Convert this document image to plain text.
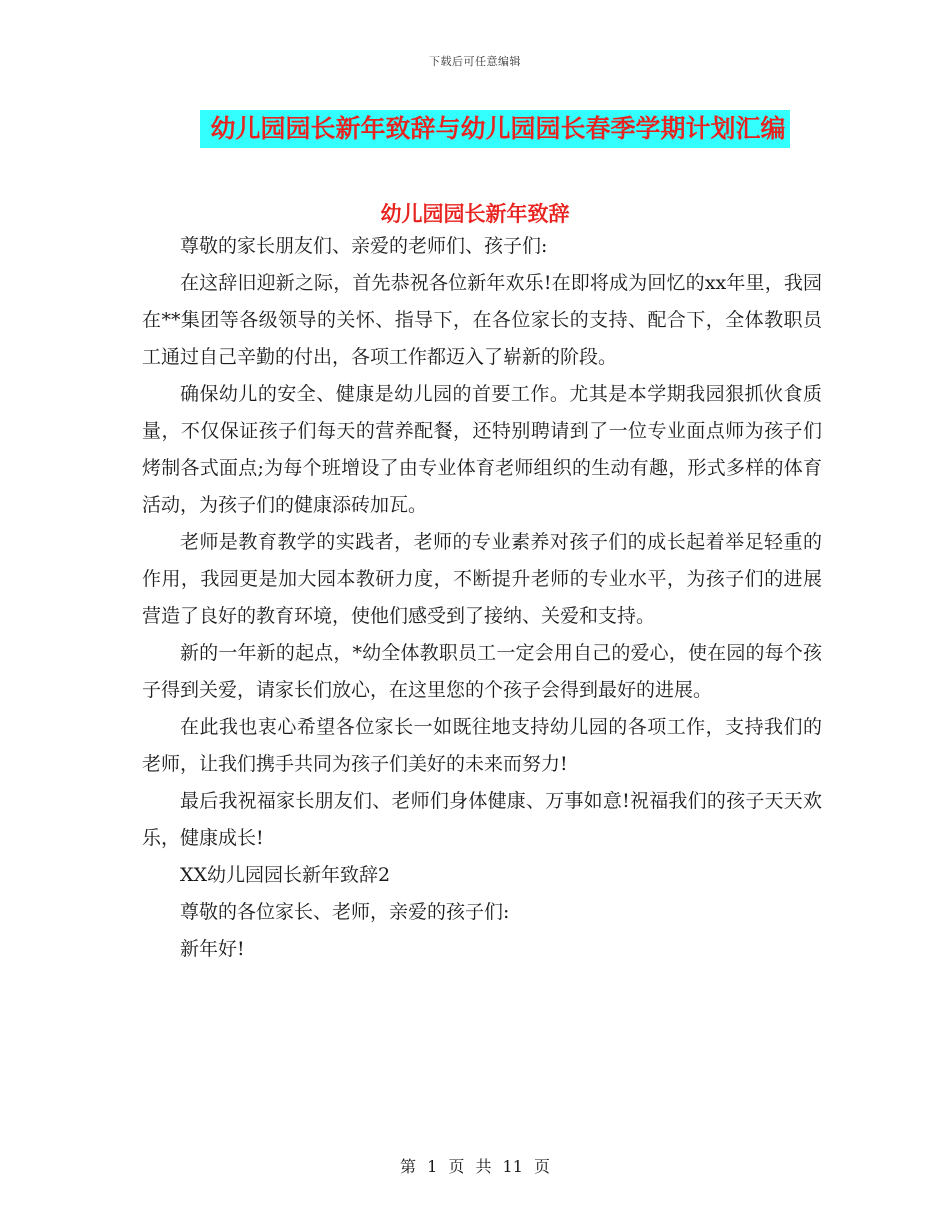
下载后可任意编辑
幼儿园园长新年致辞与幼儿园园长春季学期计划汇编
幼儿园园长新年致辞

尊敬的家长朋友们、亲爱的老师们、孩子们:

在这辞旧迎新之际，首先恭祝各位新年欢乐!在即将成为回忆的xx年里，我园在**集团等各级领导的关怀、指导下，在各位家长的支持、配合下，全体教职员工通过自己辛勤的付出，各项工作都迈入了崭新的阶段。

确保幼儿的安全、健康是幼儿园的首要工作。尤其是本学期我园狠抓伙食质量，不仅保证孩子们每天的营养配餐，还特别聘请到了一位专业面点师为孩子们烤制各式面点;为每个班增设了由专业体育老师组织的生动有趣，形式多样的体育活动，为孩子们的健康添砖加瓦。

老师是教育教学的实践者，老师的专业素养对孩子们的成长起着举足轻重的作用，我园更是加大园本教研力度，不断提升老师的专业水平，为孩子们的进展营造了良好的教育环境，使他们感受到了接纳、关爱和支持。

新的一年新的起点，*幼全体教职员工一定会用自己的爱心，使在园的每个孩子得到关爱，请家长们放心，在这里您的个孩子会得到最好的进展。

在此我也衷心希望各位家长一如既往地支持幼儿园的各项工作，支持我们的老师，让我们携手共同为孩子们美好的未来而努力!

最后我祝福家长朋友们、老师们身体健康、万事如意!祝福我们的孩子天天欢乐，健康成长!

XX幼儿园园长新年致辞2

尊敬的各位家长、老师，亲爱的孩子们:

新年好!

第 1 页 共 11 页
